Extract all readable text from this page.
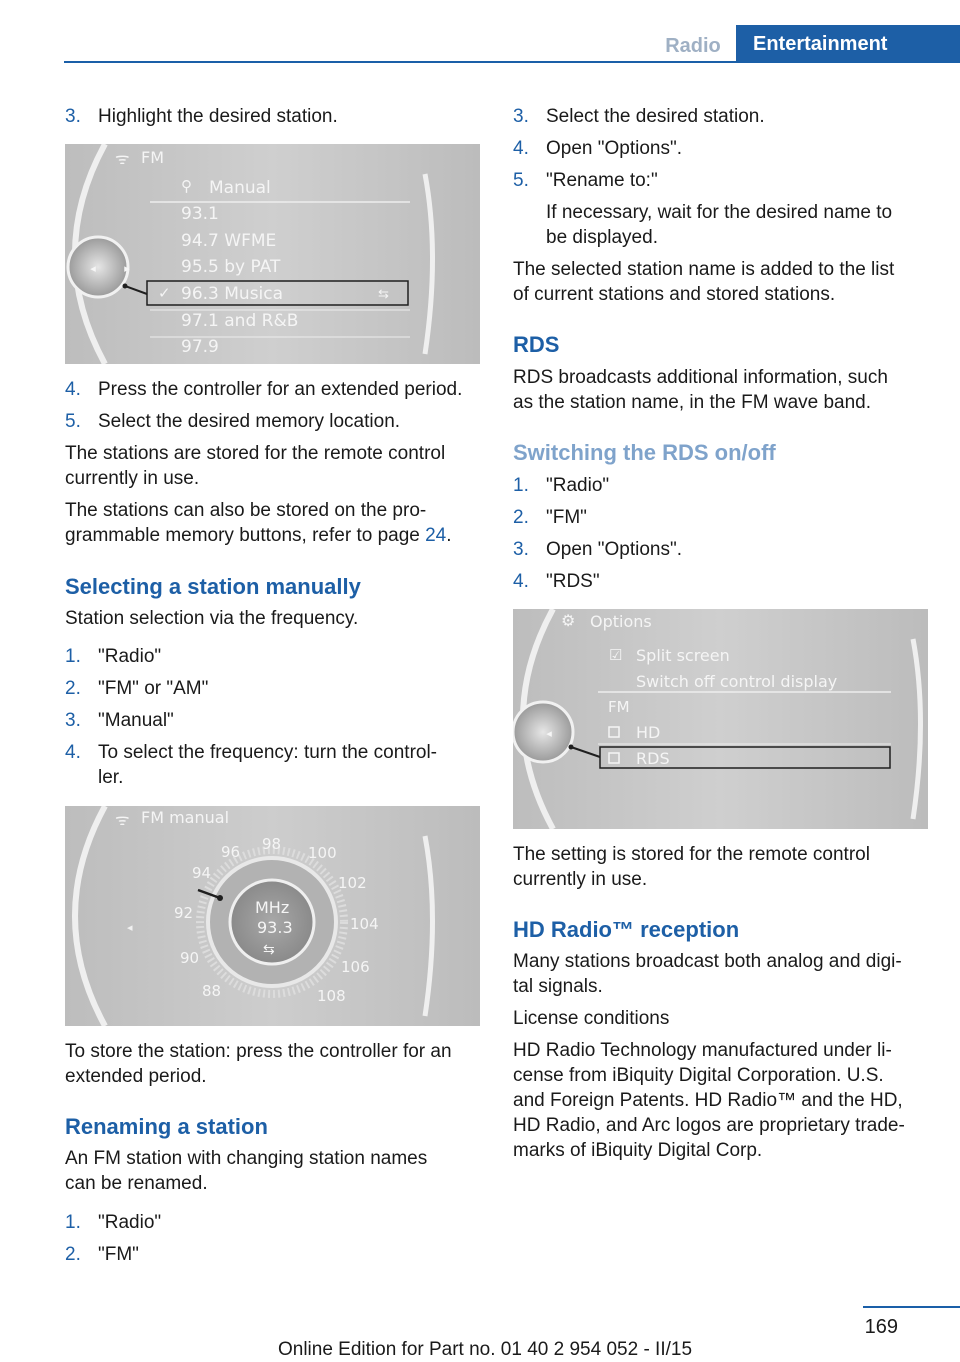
Radio	Entertainment
3. Highlight the desired station.
◂	▸
ᯤ FM
⚲ Manual
93.1
94.7 WFME
95.5 by PAT
✓ 96.3 Musica	⇆
97.1 and R&B
97.9
4. Press the controller for an extended period.
5. Select the desired memory location.
The stations are stored for the remote control
currently in use.
The stations can also be stored on the pro‐
grammable memory buttons, refer to page 24.
Selecting a station manually
Station selection via the frequency.
1. "Radio"
2. "FM" or "AM"
3. "Manual"
4. To select the frequency: turn the control‐
ler.
◂
ᯤ FM manual
MHz
93.3
⇆
88
90
92
94
96 98 100
102
104
106
108
To store the station: press the controller for an
extended period.
Renaming a station
An FM station with changing station names
can be renamed.
1. "Radio"
2. "FM"
3. Select the desired station.
4. Open "Options".
5. "Rename to:"
If necessary, wait for the desired name to
be displayed.
The selected station name is added to the list
of current stations and stored stations.
RDS
RDS broadcasts additional information, such
as the station name, in the FM wave band.
Switching the RDS on/off
1. "Radio"
2. "FM"
3. Open "Options".
4. "RDS"
◂
⚙ Options
☑ Split screen
Switch off control display
FM
HD
RDS
The setting is stored for the remote control
currently in use.
HD Radio™ reception
Many stations broadcast both analog and digi‐
tal signals.
License conditions
HD Radio Technology manufactured under li‐
cense from iBiquity Digital Corporation. U.S.
and Foreign Patents. HD Radio™ and the HD,
HD Radio, and Arc logos are proprietary trade‐
marks of iBiquity Digital Corp.
169
Online Edition for Part no. 01 40 2 954 052 - II/15
